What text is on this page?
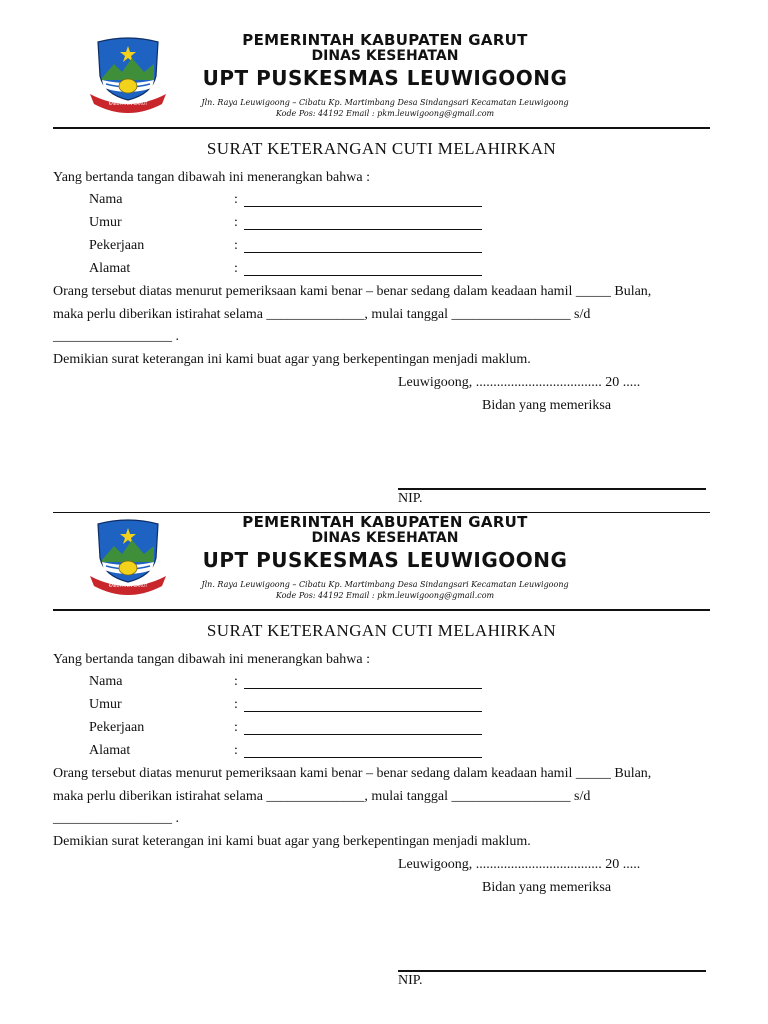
KABUPATEN GARUT
PEMERINTAH KABUPATEN GARUT
DINAS KESEHATAN
UPT PUSKESMAS LEUWIGOONG
Jln. Raya Leuwigoong – Cibatu Kp. Martimbang Desa Sindangsari Kecamatan Leuwigoong
Kode Pos: 44192 Email : pkm.leuwigoong@gmail.com
SURAT KETERANGAN CUTI MELAHIRKAN
Yang bertanda tangan dibawah ini menerangkan bahwa :
Nama	:
Umur	:
Pekerjaan	:
Alamat	:
Orang tersebut diatas menurut pemeriksaan kami benar – benar sedang dalam keadaan hamil _____ Bulan,
maka perlu diberikan istirahat selama ______________, mulai tanggal _________________ s/d
_________________ .
Demikian surat keterangan ini kami buat agar yang berkepentingan menjadi maklum.
Leuwigoong, .................................... 20 .....
Bidan yang memeriksa
NIP.
KABUPATEN GARUT
PEMERINTAH KABUPATEN GARUT
DINAS KESEHATAN
UPT PUSKESMAS LEUWIGOONG
Jln. Raya Leuwigoong – Cibatu Kp. Martimbang Desa Sindangsari Kecamatan Leuwigoong
Kode Pos: 44192 Email : pkm.leuwigoong@gmail.com
SURAT KETERANGAN CUTI MELAHIRKAN
Yang bertanda tangan dibawah ini menerangkan bahwa :
Nama	:
Umur	:
Pekerjaan	:
Alamat	:
Orang tersebut diatas menurut pemeriksaan kami benar – benar sedang dalam keadaan hamil _____ Bulan,
maka perlu diberikan istirahat selama ______________, mulai tanggal _________________ s/d
_________________ .
Demikian surat keterangan ini kami buat agar yang berkepentingan menjadi maklum.
Leuwigoong, .................................... 20 .....
Bidan yang memeriksa
NIP.
